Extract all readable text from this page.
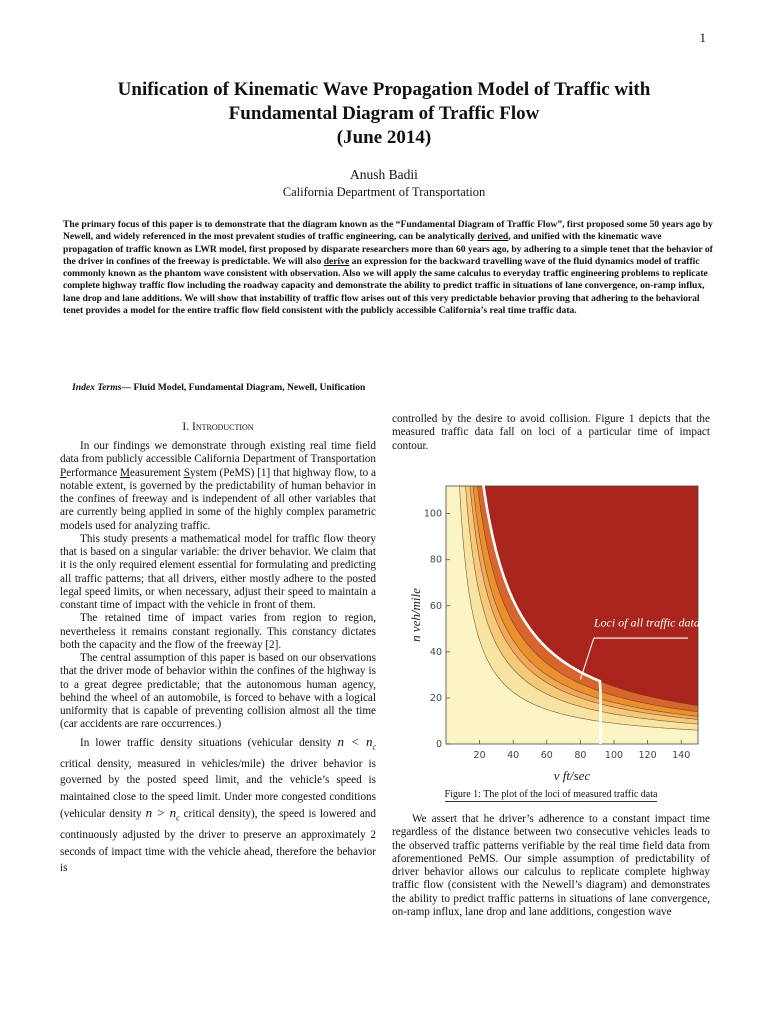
1
Unification of Kinematic Wave Propagation Model of Traffic with
Fundamental Diagram of Traffic Flow
(June 2014)
Anush Badii
California Department of Transportation
The primary focus of this paper is to demonstrate that the diagram known as the “Fundamental Diagram of Traffic Flow”, first proposed some 50 years ago by Newell, and widely referenced in the most prevalent studies of traffic engineering, can be analytically derived, and unified with the kinematic wave propagation of traffic known as LWR model, first proposed by disparate researchers more than 60 years ago, by adhering to a simple tenet that the behavior of the driver in confines of the freeway is predictable. We will also derive an expression for the backward travelling wave of the fluid dynamics model of traffic commonly known as the phantom wave consistent with observation. Also we will apply the same calculus to everyday traffic engineering problems to replicate complete highway traffic flow including the roadway capacity and demonstrate the ability to predict traffic in situations of lane convergence, on-ramp influx, lane drop and lane additions. We will show that instability of traffic flow arises out of this very predictable behavior proving that adhering to the behavioral tenet provides a model for the entire traffic flow field consistent with the publicly accessible California’s real time traffic data.
Index Terms— Fluid Model, Fundamental Diagram, Newell, Unification
I. Introduction

In our findings we demonstrate through existing real time field data from publicly accessible California Department of Transportation Performance Measurement System (PeMS) [1] that highway flow, to a notable extent, is governed by the predictability of human behavior in the confines of freeway and is independent of all other variables that are currently being applied in some of the highly complex parametric models used for analyzing traffic.

This study presents a mathematical model for traffic flow theory that is based on a singular variable: the driver behavior. We claim that it is the only required element essential for formulating and predicting all traffic patterns; that all drivers, either mostly adhere to the posted legal speed limits, or when necessary, adjust their speed to maintain a constant time of impact with the vehicle in front of them.

The retained time of impact varies from region to region, nevertheless it remains constant regionally. This constancy dictates both the capacity and the flow of the freeway [2].

The central assumption of this paper is based on our observations that the driver mode of behavior within the confines of the highway is to a great degree predictable; that the autonomous human agency, behind the wheel of an automobile, is forced to behave with a logical uniformity that is capable of preventing collision almost all the time (car accidents are rare occurrences.)

In lower traffic density situations (vehicular density $n < n_c$ critical density, measured in vehicles/mile) the driver behavior is governed by the posted speed limit, and the vehicle’s speed is maintained close to the speed limit. Under more congested conditions (vehicular density $n > n_c$ critical density), the speed is lowered and continuously adjusted by the driver to preserve an approximately 2 seconds of impact time with the vehicle ahead, therefore the behavior is

controlled by the desire to avoid collision. Figure 1 depicts that the measured traffic data fall on loci of a particular time of impact contour.

20 40 60 80 100 120 140
0
20
40
60
80
100
Loci of all traffic data
v ft/sec
n veh/mile
Figure 1: The plot of the loci of measured traffic data

We assert that he driver’s adherence to a constant impact time regardless of the distance between two consecutive vehicles leads to the observed traffic patterns verifiable by the real time field data from aforementioned PeMS. Our simple assumption of predictability of driver behavior allows our calculus to replicate complete highway traffic flow (consistent with the Newell’s diagram) and demonstrates the ability to predict traffic patterns in situations of lane convergence, on-ramp influx, lane drop and lane additions, congestion wave
